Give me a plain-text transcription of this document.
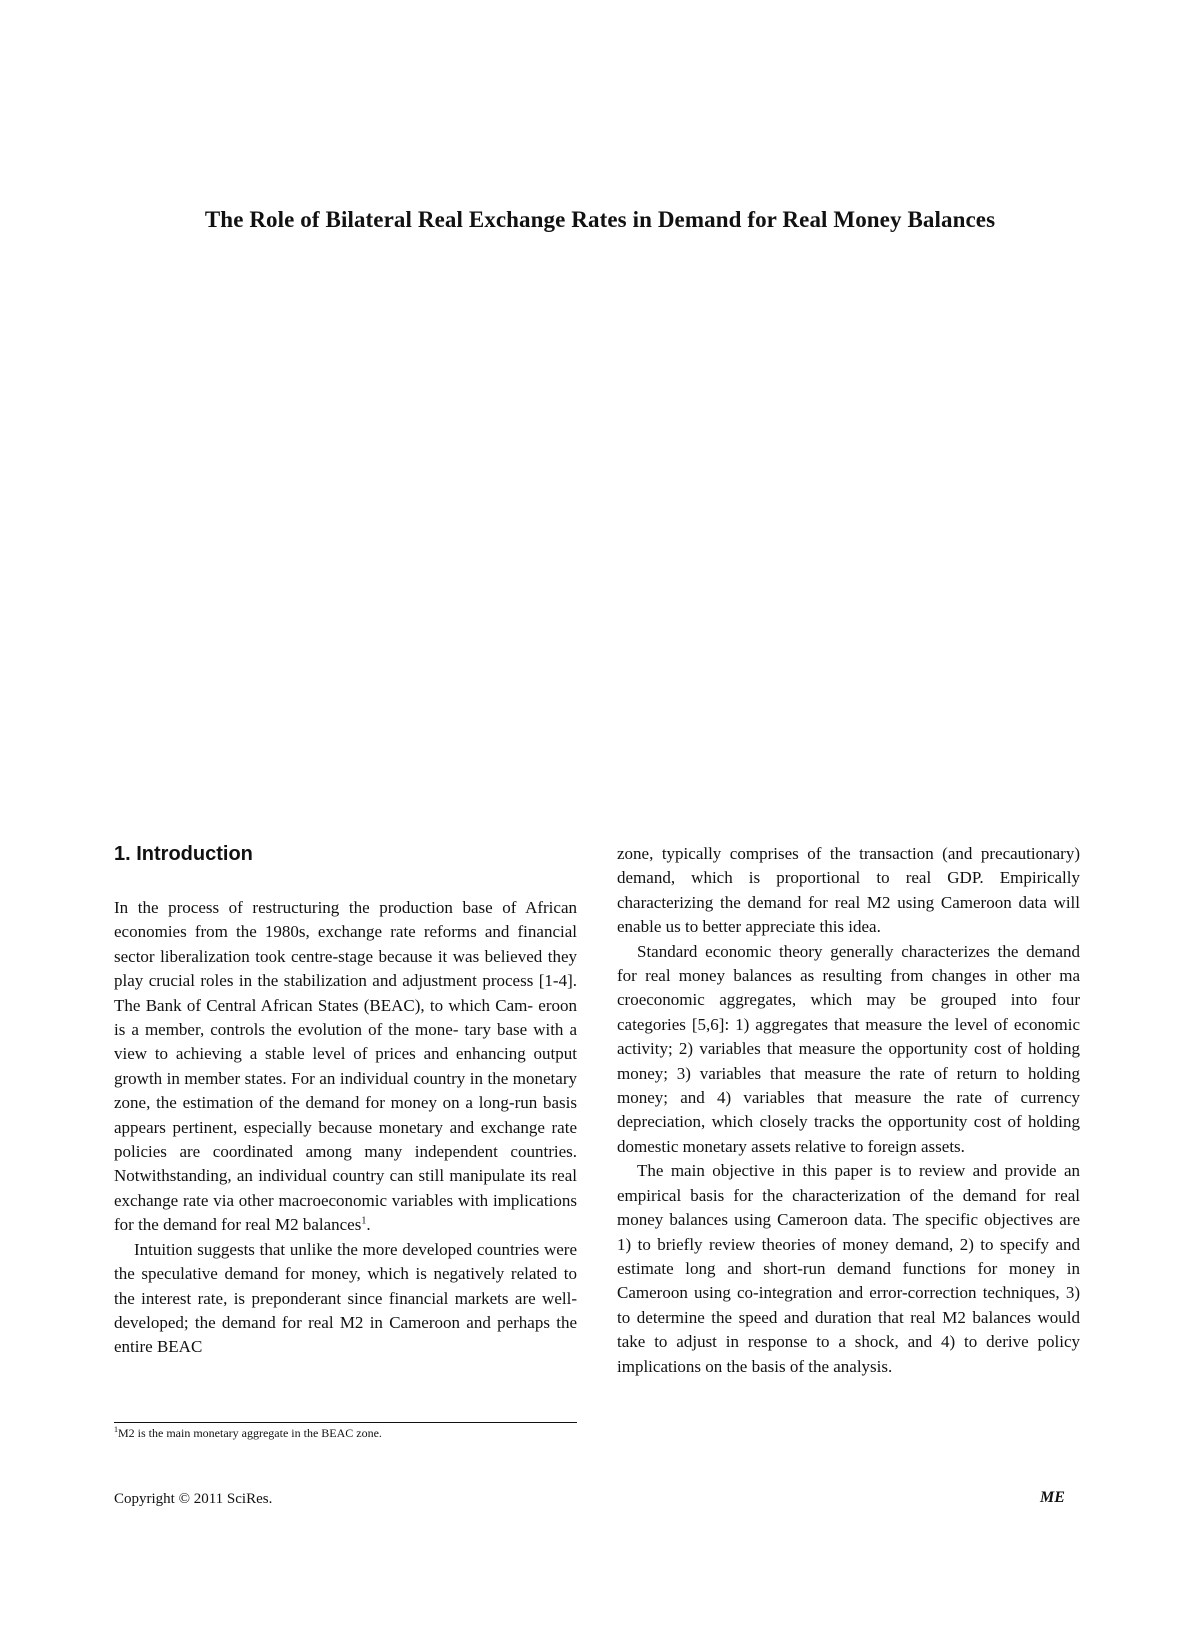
The Role of Bilateral Real Exchange Rates in Demand for Real Money Balances
1. Introduction

In the process of restructuring the production base of African economies from the 1980s, exchange rate reforms and financial sector liberalization took centre-stage because it was believed they play crucial roles in the stabilization and adjustment process [1-4]. The Bank of Central African States (BEAC), to which Cam- eroon is a member, controls the evolution of the mone- tary base with a view to achieving a stable level of prices and enhancing output growth in member states. For an individual country in the monetary zone, the estimation of the demand for money on a long-run basis appears pertinent, especially because monetary and exchange rate policies are coordinated among many independent countries. Notwithstanding, an individual country can still manipulate its real exchange rate via other macroeconomic variables with implications for the demand for real M2 balances$^1$.

Intuition suggests that unlike the more developed countries were the speculative demand for money, which is negatively related to the interest rate, is preponderant since financial markets are well-developed; the demand for real M2 in Cameroon and perhaps the entire BEAC

zone, typically comprises of the transaction (and precautionary) demand, which is proportional to real GDP. Empirically characterizing the demand for real M2 using Cameroon data will enable us to better appreciate this idea.

Standard economic theory generally characterizes the demand for real money balances as resulting from changes in other ma croeconomic aggregates, which may be grouped into four categories [5,6]: 1) aggregates that measure the level of economic activity; 2) variables that measure the opportunity cost of holding money; 3) variables that measure the rate of return to holding money; and 4) variables that measure the rate of currency depreciation, which closely tracks the opportunity cost of holding domestic monetary assets relative to foreign assets.

The main objective in this paper is to review and provide an empirical basis for the characterization of the demand for real money balances using Cameroon data. The specific objectives are 1) to briefly review theories of money demand, 2) to specify and estimate long and short-run demand functions for money in Cameroon using co-integration and error-correction techniques, 3) to determine the speed and duration that real M2 balances would take to adjust in response to a shock, and 4) to derive policy implications on the basis of the analysis.

$^1$M2 is the main monetary aggregate in the BEAC zone.
Copyright © 2011 SciRes.	ME
